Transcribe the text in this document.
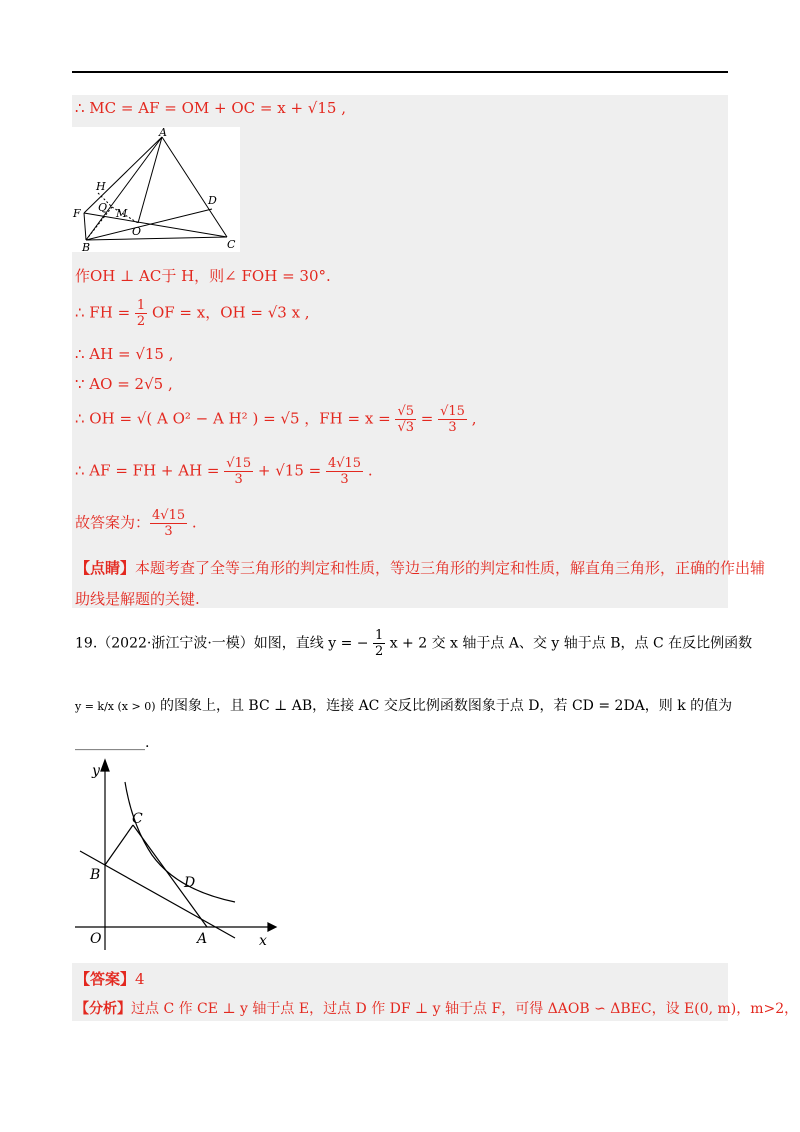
∴ MC = AF = OM + OC = x + √15 ,
A
H
F Q M
O
D
B	C
作OH ⊥ AC于 H，则∠ FOH = 30°.
∴ FH = $\frac{1}{2}$ OF = x，OH = √3 x ,
∴ AH = √15 ,
∵ AO = 2√5 ,
∴ OH = √( A O² − A H² ) = √5 ，FH = $x = \frac{√5}{√3} = \frac{√15}{3}$ ,
∴ AF = FH + AH = $\frac{√15}{3} + √15 = \frac{4√15}{3}$ .
故答案为： $\frac{4√15}{3}$ .
【点睛】本题考查了全等三角形的判定和性质，等边三角形的判定和性质，解直角三角形，正确的作出辅
助线是解题的关键.
19.（2022·浙江宁波·一模）如图，直线 y = − $\frac{1}{2}$ x + 2 交 x 轴于点 A、交 y 轴于点 B，点 C 在反比例函数
y = k/x (x > 0) 的图象上，且 BC ⊥ AB，连接 AC 交反比例函数图象于点 D，若 CD = 2DA，则 k 的值为
__________.
y
x
O	A
B
C
D
【答案】4
【分析】过点 C 作 CE ⊥ y 轴于点 E，过点 D 作 DF ⊥ y 轴于点 F，可得 ΔAOB ∽ ΔBEC，设 E(0, m)，m>2，
